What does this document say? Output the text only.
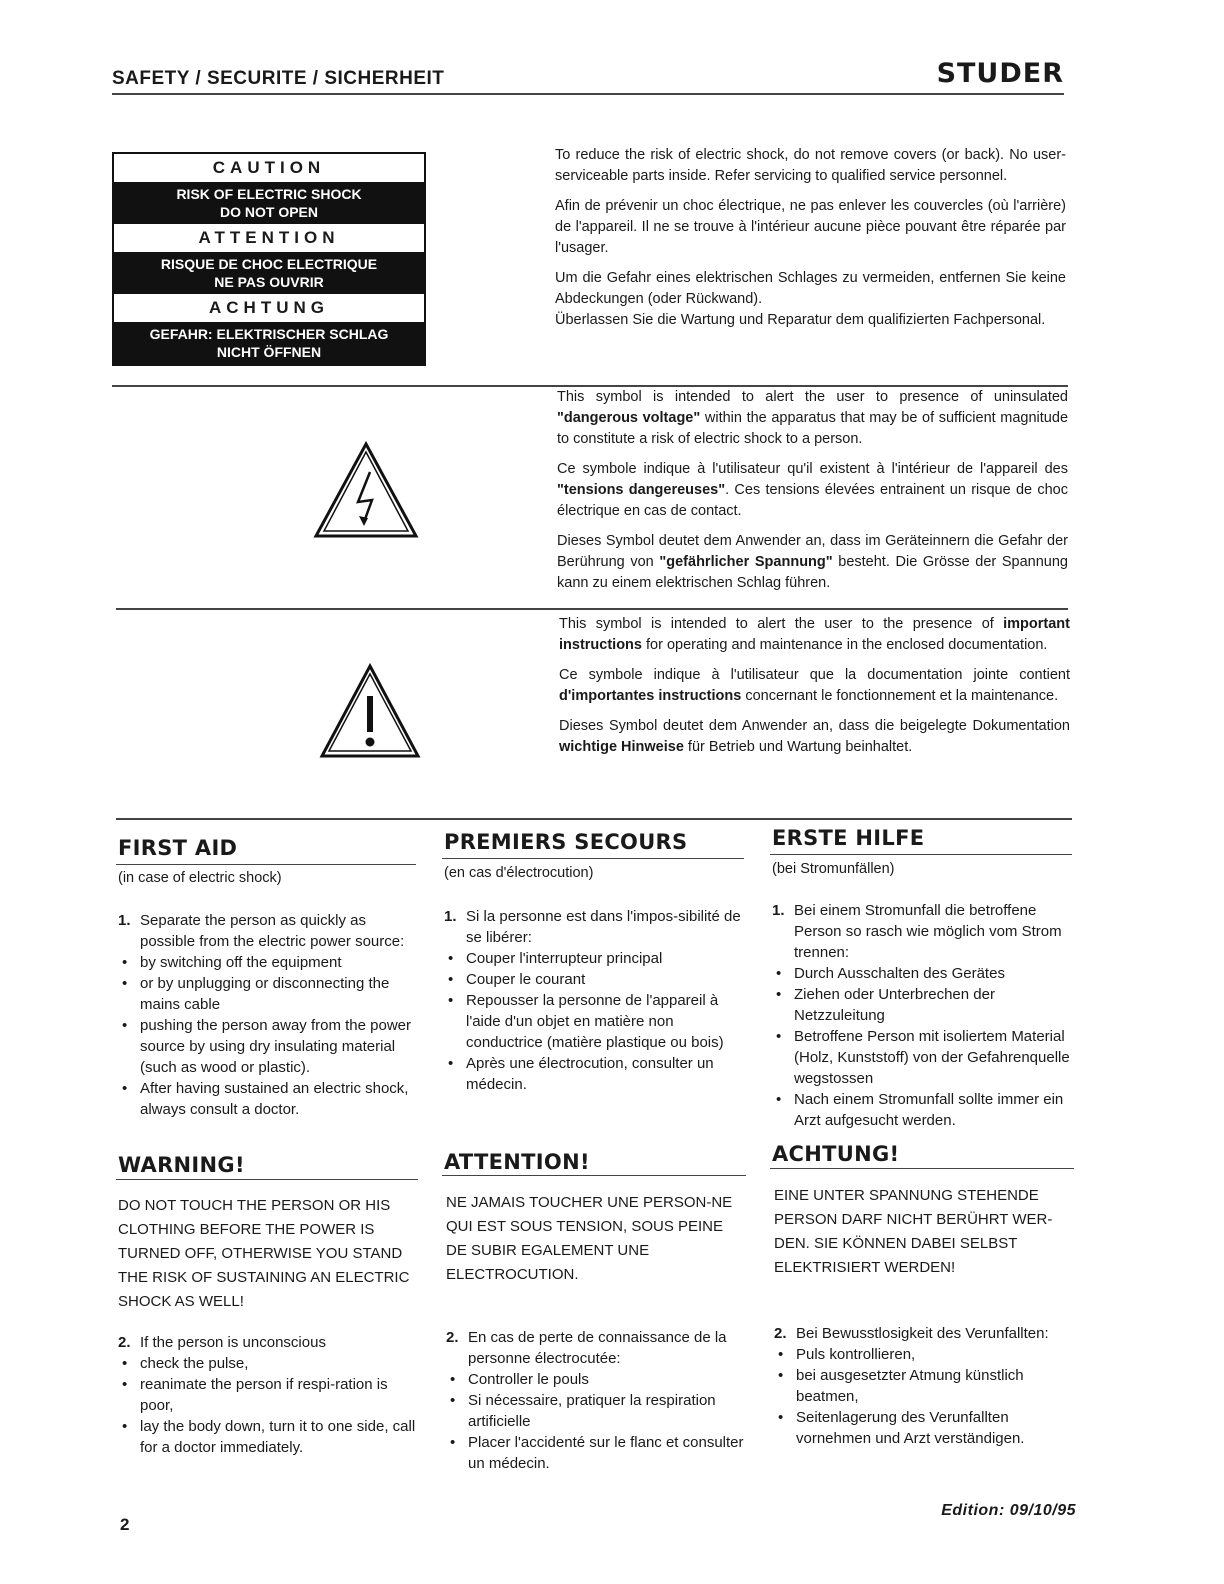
SAFETY / SECURITE / SICHERHEIT	STUDER
CAUTION
RISK OF ELECTRIC SHOCK
DO NOT OPEN
ATTENTION
RISQUE DE CHOC ELECTRIQUE
NE PAS OUVRIR
ACHTUNG
GEFAHR: ELEKTRISCHER SCHLAG
NICHT ÖFFNEN

To reduce the risk of electric shock, do not remove covers (or back). No user-serviceable parts inside. Refer servicing to qualified service personnel.

Afin de prévenir un choc électrique, ne pas enlever les couvercles (où l'arrière) de l'appareil. Il ne se trouve à l'intérieur aucune pièce pouvant être réparée par l'usager.

Um die Gefahr eines elektrischen Schlages zu vermeiden, entfernen Sie keine Abdeckungen (oder Rückwand).

Überlassen Sie die Wartung und Reparatur dem qualifizierten Fachpersonal.

This symbol is intended to alert the user to presence of uninsulated "dangerous voltage" within the apparatus that may be of sufficient magnitude to constitute a risk of electric shock to a person.

Ce symbole indique à l'utilisateur qu'il existent à l'intérieur de l'appareil des "tensions dangereuses". Ces tensions élevées entrainent un risque de choc électrique en cas de contact.

Dieses Symbol deutet dem Anwender an, dass im Geräteinnern die Gefahr der Berührung von "gefährlicher Spannung" besteht. Die Grösse der Spannung kann zu einem elektrischen Schlag führen.

This symbol is intended to alert the user to the presence of important instructions for operating and maintenance in the enclosed documentation.

Ce symbole indique à l'utilisateur que la documentation jointe contient d'importantes instructions concernant le fonctionnement et la maintenance.

Dieses Symbol deutet dem Anwender an, dass die beigelegte Dokumentation wichtige Hinweise für Betrieb und Wartung beinhaltet.

FIRST AID
(in case of electric shock)
1. Separate the person as quickly as possible from the electric power source:
• by switching off the equipment
• or by unplugging or disconnecting the mains cable
• pushing the person away from the power source by using dry insulating material (such as wood or plastic).
• After having sustained an electric shock, always consult a doctor.
WARNING!
DO NOT TOUCH THE PERSON OR HIS CLOTHING BEFORE THE POWER IS TURNED OFF, OTHERWISE YOU STAND THE RISK OF SUSTAINING AN ELECTRIC SHOCK AS WELL!
2. If the person is unconscious
• check the pulse,
• reanimate the person if respi-ration is poor,
• lay the body down, turn it to one side, call for a doctor immediately.
PREMIERS SECOURS
(en cas d'électrocution)
1. Si la personne est dans l'impos-sibilité de se libérer:
• Couper l'interrupteur principal
• Couper le courant
• Repousser la personne de l'appareil à l'aide d'un objet en matière non conductrice (matière plastique ou bois)
• Après une électrocution, consulter un médecin.
ATTENTION!
NE JAMAIS TOUCHER UNE PERSON-NE QUI EST SOUS TENSION, SOUS PEINE DE SUBIR EGALEMENT UNE ELECTROCUTION.
2. En cas de perte de connaissance de la personne électrocutée:
• Controller le pouls
• Si nécessaire, pratiquer la respiration artificielle
• Placer l'accidenté sur le flanc et consulter un médecin.
ERSTE HILFE
(bei Stromunfällen)
1. Bei einem Stromunfall die betroffene Person so rasch wie möglich vom Strom trennen:
• Durch Ausschalten des Gerätes
• Ziehen oder Unterbrechen der Netzzuleitung
• Betroffene Person mit isoliertem Material (Holz, Kunststoff) von der Gefahrenquelle wegstossen
• Nach einem Stromunfall sollte immer ein Arzt aufgesucht werden.
ACHTUNG!
EINE UNTER SPANNUNG STEHENDE PERSON DARF NICHT BERÜHRT WER-DEN. SIE KÖNNEN DABEI SELBST ELEKTRISIERT WERDEN!
2. Bei Bewusstlosigkeit des Verunfallten:
• Puls kontrollieren,
• bei ausgesetzter Atmung künstlich beatmen,
• Seitenlagerung des Verunfallten vornehmen und Arzt verständigen.
2
Edition: 09/10/95
